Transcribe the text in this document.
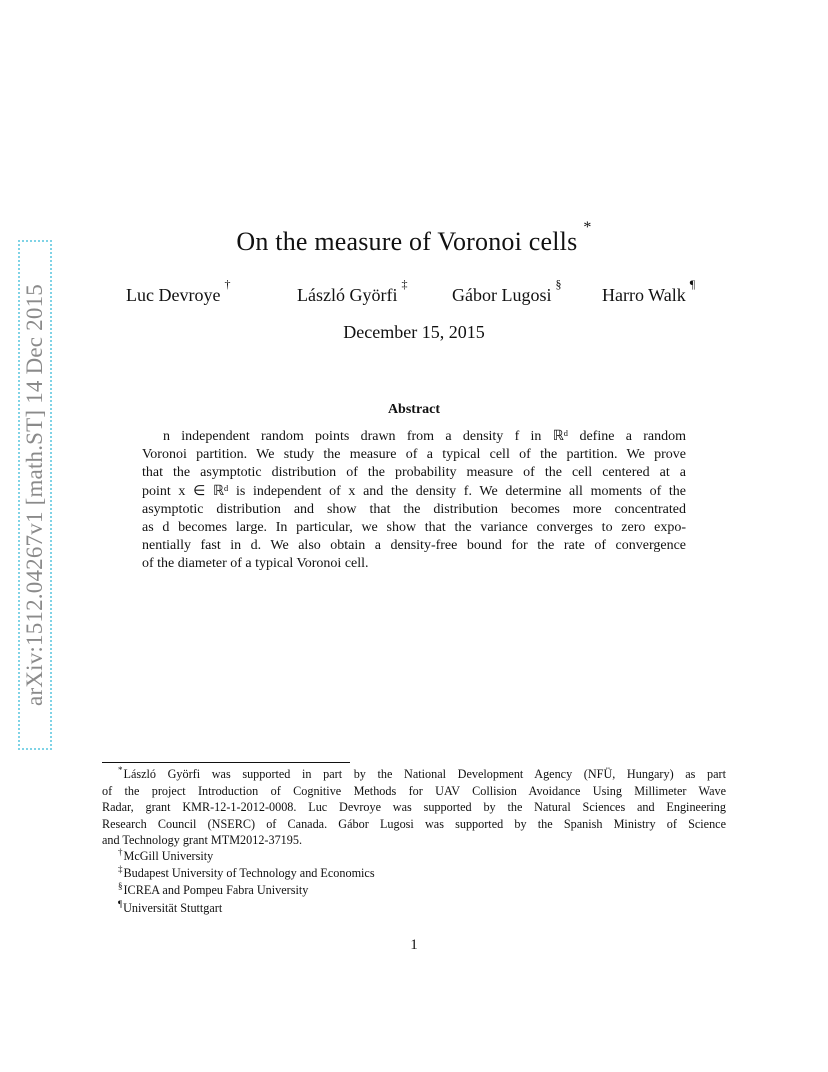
arXiv:1512.04267v1 [math.ST] 14 Dec 2015
On the measure of Voronoi cells *
Luc Devroye†
László Györfi‡
Gábor Lugosi§
Harro Walk¶
December 15, 2015
Abstract
n independent random points drawn from a density f in ℝᵈ define a random
Voronoi partition. We study the measure of a typical cell of the partition. We prove
that the asymptotic distribution of the probability measure of the cell centered at a
point x ∈ ℝᵈ is independent of x and the density f. We determine all moments of the
asymptotic distribution and show that the distribution becomes more concentrated
as d becomes large. In particular, we show that the variance converges to zero expo-
nentially fast in d. We also obtain a density-free bound for the rate of convergence
of the diameter of a typical Voronoi cell.
*László Györfi was supported in part by the National Development Agency (NFÜ, Hungary) as part
of the project Introduction of Cognitive Methods for UAV Collision Avoidance Using Millimeter Wave
Radar, grant KMR-12-1-2012-0008. Luc Devroye was supported by the Natural Sciences and Engineering
Research Council (NSERC) of Canada. Gábor Lugosi was supported by the Spanish Ministry of Science
and Technology grant MTM2012-37195.
†McGill University
‡Budapest University of Technology and Economics
§ICREA and Pompeu Fabra University
¶Universität Stuttgart
1
